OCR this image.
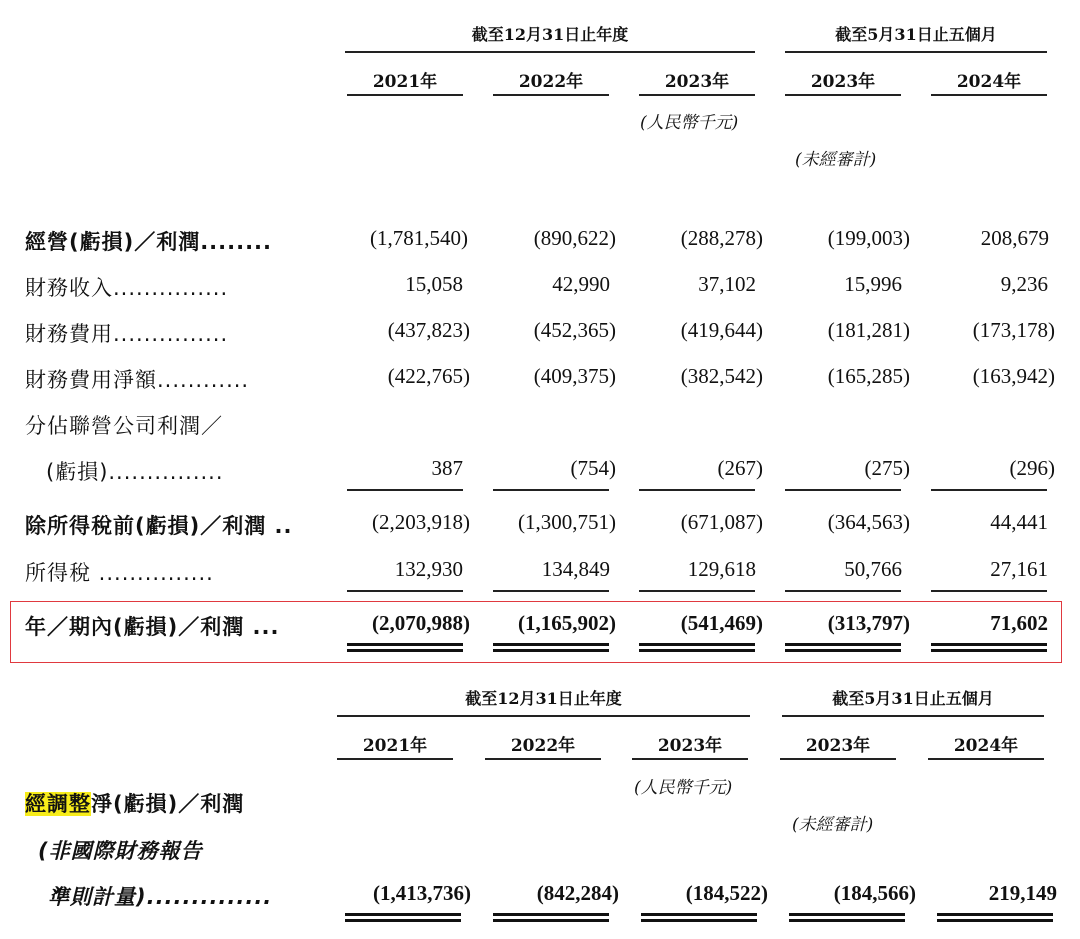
截至12月31日止年度	截至5月31日止五個月
2021年	2022年	2023年	2023年	2024年
(人民幣千元)
(未經審計)
經營(虧損)／利潤........	(1,781,540)	(890,622)	(288,278)	(199,003)	208,679
財務收入...............	15,058	42,990	37,102	15,996	9,236
財務費用...............	(437,823)	(452,365)	(419,644)	(181,281)	(173,178)
財務費用淨額............	(422,765)	(409,375)	(382,542)	(165,285)	(163,942)
分佔聯營公司利潤／
(虧損)...............	387	(754)	(267)	(275)	(296)
除所得稅前(虧損)／利潤 ..	(2,203,918)	(1,300,751)	(671,087)	(364,563)	44,441
所得稅 ...............	132,930	134,849	129,618	50,766	27,161
年／期內(虧損)／利潤 ...	(2,070,988)	(1,165,902)	(541,469)	(313,797)	71,602
截至12月31日止年度	截至5月31日止五個月
2021年	2022年	2023年	2023年	2024年
(人民幣千元)
(未經審計)
經調整淨(虧損)／利潤
(非國際財務報告
準則計量)..............	(1,413,736)	(842,284)	(184,522)	(184,566)	219,149
